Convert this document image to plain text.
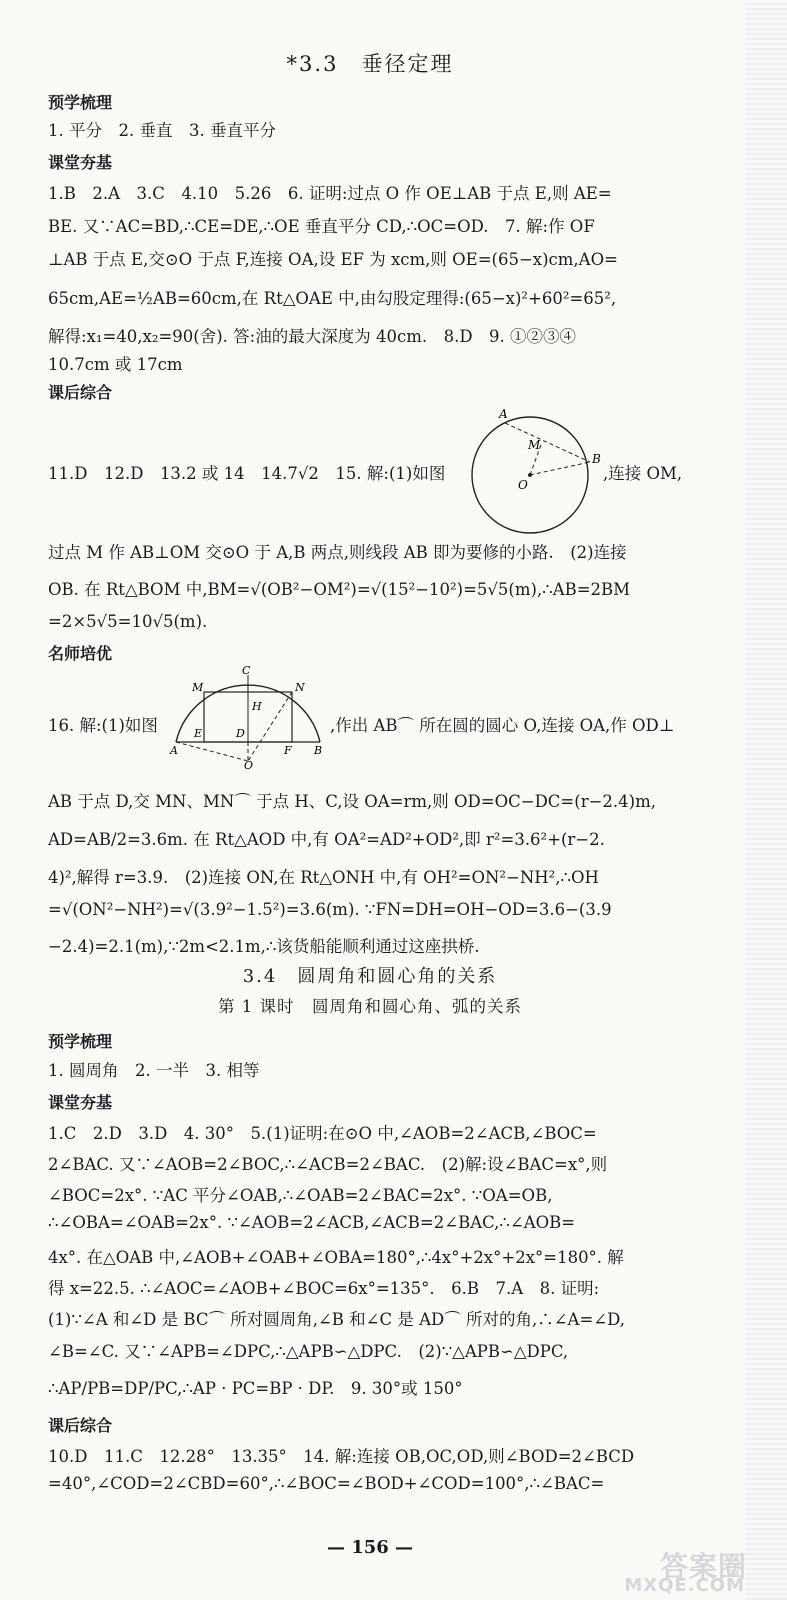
*3.3　垂径定理
预学梳理
1. 平分　2. 垂直　3. 垂直平分
课堂夯基
1.B　2.A　3.C　4.10　5.26　6. 证明:过点 O 作 OE⊥AB 于点 E,则 AE=
BE. 又∵AC=BD,∴CE=DE,∴OE 垂直平分 CD,∴OC=OD.　7. 解:作 OF
⊥AB 于点 E,交⊙O 于点 F,连接 OA,设 EF 为 xcm,则 OE=(65−x)cm,AO=
65cm,AE=½AB=60cm,在 Rt△OAE 中,由勾股定理得:(65−x)²+60²=65²,
解得:x₁=40,x₂=90(舍). 答:油的最大深度为 40cm.　8.D　9. ①②③④
10.7cm 或 17cm
课后综合
11.D　12.D　13.2 或 14　14.7√2　15. 解:(1)如图	,连接 OM,
A
M
B
O
过点 M 作 AB⊥OM 交⊙O 于 A,B 两点,则线段 AB 即为要修的小路.　(2)连接
OB. 在 Rt△BOM 中,BM=√(OB²−OM²)=√(15²−10²)=5√5(m),∴AB=2BM
=2×5√5=10√5(m).
名师培优
16. 解:(1)如图	,作出 AB⌒ 所在圆的圆心 O,连接 OA,作 OD⊥
C
M	N
H
E	D
F
A	B
O
AB 于点 D,交 MN、MN⌒ 于点 H、C,设 OA=rm,则 OD=OC−DC=(r−2.4)m,
AD=AB/2=3.6m. 在 Rt△AOD 中,有 OA²=AD²+OD²,即 r²=3.6²+(r−2.
4)²,解得 r=3.9.　(2)连接 ON,在 Rt△ONH 中,有 OH²=ON²−NH²,∴OH
=√(ON²−NH²)=√(3.9²−1.5²)=3.6(m). ∵FN=DH=OH−OD=3.6−(3.9
−2.4)=2.1(m),∵2m<2.1m,∴该货船能顺利通过这座拱桥.
3.4　圆周角和圆心角的关系
第 1 课时　圆周角和圆心角、弧的关系
预学梳理
1. 圆周角　2. 一半　3. 相等
课堂夯基
1.C　2.D　3.D　4. 30°　5.(1)证明:在⊙O 中,∠AOB=2∠ACB,∠BOC=
2∠BAC. 又∵∠AOB=2∠BOC,∴∠ACB=2∠BAC.　(2)解:设∠BAC=x°,则
∠BOC=2x°. ∵AC 平分∠OAB,∴∠OAB=2∠BAC=2x°. ∵OA=OB,
∴∠OBA=∠OAB=2x°. ∵∠AOB=2∠ACB,∠ACB=2∠BAC,∴∠AOB=
4x°. 在△OAB 中,∠AOB+∠OAB+∠OBA=180°,∴4x°+2x°+2x°=180°. 解
得 x=22.5. ∴∠AOC=∠AOB+∠BOC=6x°=135°.　6.B　7.A　8. 证明:
(1)∵∠A 和∠D 是 BC⌒ 所对圆周角,∠B 和∠C 是 AD⌒ 所对的角,∴∠A=∠D,
∠B=∠C. 又∵∠APB=∠DPC,∴△APB∽△DPC.　(2)∵△APB∽△DPC,
∴AP/PB=DP/PC,∴AP · PC=BP · DP.　9. 30°或 150°
课后综合
10.D　11.C　12.28°　13.35°　14. 解:连接 OB,OC,OD,则∠BOD=2∠BCD
=40°,∠COD=2∠CBD=60°,∴∠BOC=∠BOD+∠COD=100°,∴∠BAC=
— 156 —
答案圈
MXQE.COM
